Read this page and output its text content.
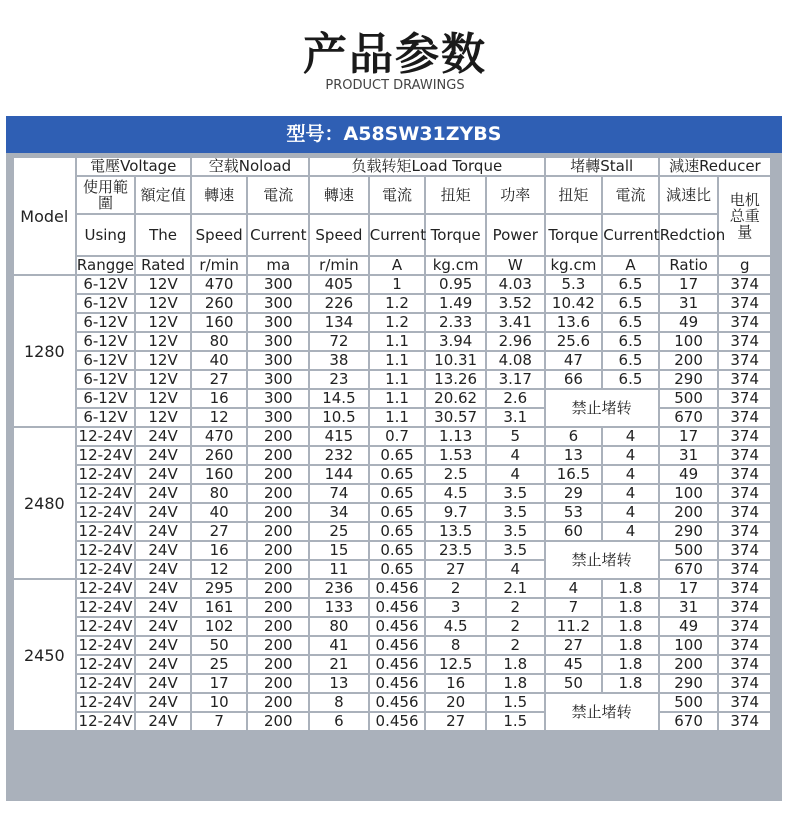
产品参数
PRODUCT DRAWINGS
型号：A58SW31ZYBS
Model	電壓Voltage		空载Noload		负载转矩Load Torque				堵轉Stall		減速Reducer	
	使用範圍	額定值	轉速	電流	轉速	電流	扭矩	功率	扭矩	電流	減速比	电机总重量
	Using	The	Speed	Current	Speed	Current	Torque	Power	Torque	Current	Redction	
	Rangge	Rated	r/min	ma	r/min	A	kg.cm	W	kg.cm	A	Ratio	g
1280	6-12V	12V	470	300	405	1	0.95	4.03	5.3	6.5	17	374
	6-12V	12V	260	300	226	1.2	1.49	3.52	10.42	6.5	31	374
	6-12V	12V	160	300	134	1.2	2.33	3.41	13.6	6.5	49	374
	6-12V	12V	80	300	72	1.1	3.94	2.96	25.6	6.5	100	374
	6-12V	12V	40	300	38	1.1	10.31	4.08	47	6.5	200	374
	6-12V	12V	27	300	23	1.1	13.26	3.17	66	6.5	290	374
	6-12V	12V	16	300	14.5	1.1	20.62	2.6	禁止堵转		500	374
	6-12V	12V	12	300	10.5	1.1	30.57	3.1			670	374
2480	12-24V	24V	470	200	415	0.7	1.13	5	6	4	17	374
	12-24V	24V	260	200	232	0.65	1.53	4	13	4	31	374
	12-24V	24V	160	200	144	0.65	2.5	4	16.5	4	49	374
	12-24V	24V	80	200	74	0.65	4.5	3.5	29	4	100	374
	12-24V	24V	40	200	34	0.65	9.7	3.5	53	4	200	374
	12-24V	24V	27	200	25	0.65	13.5	3.5	60	4	290	374
	12-24V	24V	16	200	15	0.65	23.5	3.5	禁止堵转		500	374
	12-24V	24V	12	200	11	0.65	27	4			670	374
2450	12-24V	24V	295	200	236	0.456	2	2.1	4	1.8	17	374
	12-24V	24V	161	200	133	0.456	3	2	7	1.8	31	374
	12-24V	24V	102	200	80	0.456	4.5	2	11.2	1.8	49	374
	12-24V	24V	50	200	41	0.456	8	2	27	1.8	100	374
	12-24V	24V	25	200	21	0.456	12.5	1.8	45	1.8	200	374
	12-24V	24V	17	200	13	0.456	16	1.8	50	1.8	290	374
	12-24V	24V	10	200	8	0.456	20	1.5	禁止堵转		500	374
	12-24V	24V	7	200	6	0.456	27	1.5			670	374
